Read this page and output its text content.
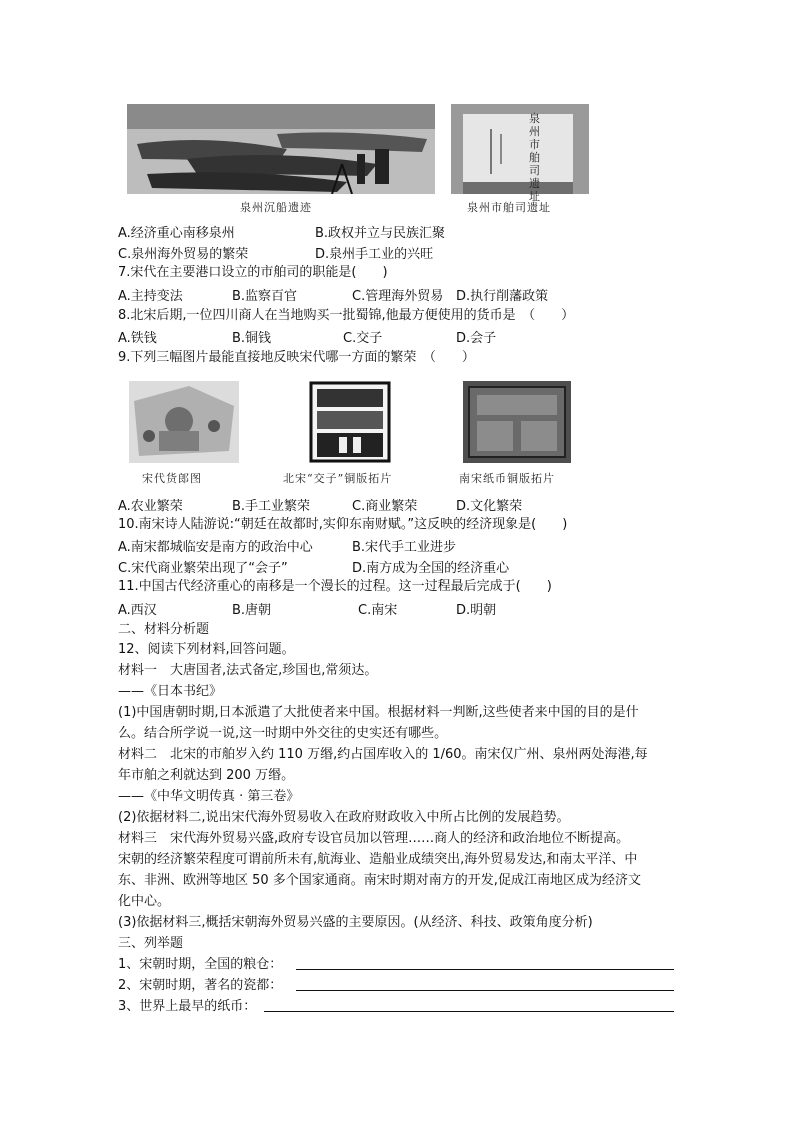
泉州沉船遗迹
泉州市舶司遗址
泉州市舶司遗址
A.经济重心南移泉州	B.政权并立与民族汇聚
C.泉州海外贸易的繁荣	D.泉州手工业的兴旺
7.宋代在主要港口设立的市舶司的职能是(　　)
A.主持变法	B.监察百官	C.管理海外贸易 D.执行削藩政策
8.北宋后期,一位四川商人在当地购买一批蜀锦,他最方便使用的货币是　（　　）
A.铁钱	B.铜钱	C.交子	D.会子
9.下列三幅图片最能直接地反映宋代哪一方面的繁荣　（　　）
宋代货郎图	北宋“交子”铜版拓片	南宋纸币铜版拓片
A.农业繁荣	B.手工业繁荣	C.商业繁荣	D.文化繁荣
10.南宋诗人陆游说:“朝廷在故都时,实仰东南财赋。”这反映的经济现象是(　　)
A.南宋都城临安是南方的政治中心	B.宋代手工业进步
C.宋代商业繁荣出现了“会子”	D.南方成为全国的经济重心
11.中国古代经济重心的南移是一个漫长的过程。这一过程最后完成于(　　)
A.西汉	B.唐朝	C.南宋	D.明朝
二、材料分析题
12、阅读下列材料,回答问题。
材料一　大唐国者,法式备定,珍国也,常须达。
——《日本书纪》
(1)中国唐朝时期,日本派遣了大批使者来中国。根据材料一判断,这些使者来中国的目的是什
么。结合所学说一说,这一时期中外交往的史实还有哪些。
材料二　北宋的市舶岁入约 110 万缗,约占国库收入的 1/60。南宋仅广州、泉州两处海港,每
年市舶之利就达到 200 万缗。
——《中华文明传真 · 第三卷》
(2)依据材料二,说出宋代海外贸易收入在政府财政收入中所占比例的发展趋势。
材料三　宋代海外贸易兴盛,政府专设官员加以管理……商人的经济和政治地位不断提高。
宋朝的经济繁荣程度可谓前所未有,航海业、造船业成绩突出,海外贸易发达,和南太平洋、中
东、非洲、欧洲等地区 50 多个国家通商。南宋时期对南方的开发,促成江南地区成为经济文
化中心。
(3)依据材料三,概括宋朝海外贸易兴盛的主要原因。(从经济、科技、政策角度分析)
三、列举题
1、宋朝时期，全国的粮仓：
2、宋朝时期，著名的瓷都：
3、世界上最早的纸币：
